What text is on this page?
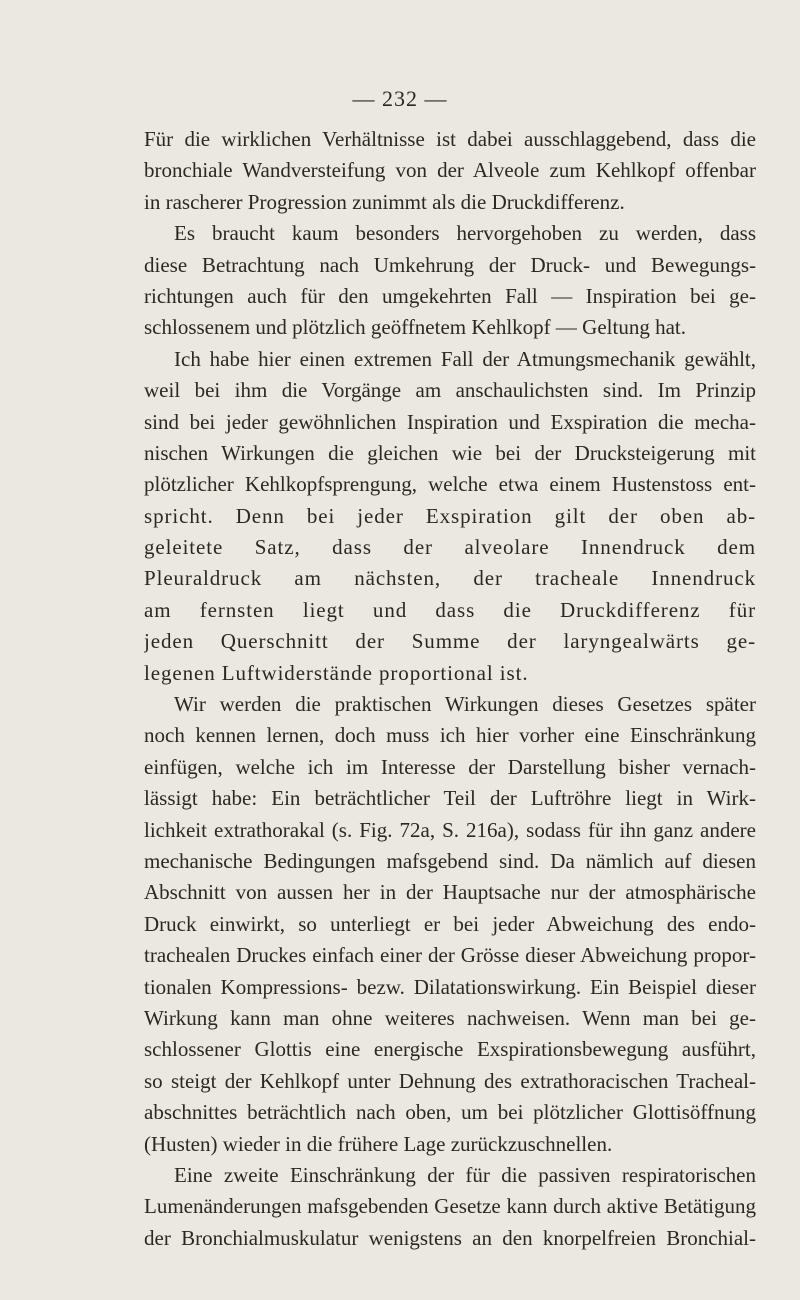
— 232 —
Für die wirklichen Verhältnisse ist dabei ausschlaggebend, dass die
bronchiale Wandversteifung von der Alveole zum Kehlkopf offenbar
in rascherer Progression zunimmt als die Druckdifferenz.
Es braucht kaum besonders hervorgehoben zu werden, dass
diese Betrachtung nach Umkehrung der Druck- und Bewegungs-
richtungen auch für den umgekehrten Fall — Inspiration bei ge-
schlossenem und plötzlich geöffnetem Kehlkopf — Geltung hat.
Ich habe hier einen extremen Fall der Atmungsmechanik gewählt,
weil bei ihm die Vorgänge am anschaulichsten sind. Im Prinzip
sind bei jeder gewöhnlichen Inspiration und Exspiration die mecha-
nischen Wirkungen die gleichen wie bei der Drucksteigerung mit
plötzlicher Kehlkopfsprengung, welche etwa einem Hustenstoss ent-
spricht. Denn bei jeder Exspiration gilt der oben ab-
geleitete Satz, dass der alveolare Innendruck dem
Pleuraldruck am nächsten, der tracheale Innendruck
am fernsten liegt und dass die Druckdifferenz für
jeden Querschnitt der Summe der laryngealwärts ge-
legenen Luftwiderstände proportional ist.
Wir werden die praktischen Wirkungen dieses Gesetzes später
noch kennen lernen, doch muss ich hier vorher eine Einschränkung
einfügen, welche ich im Interesse der Darstellung bisher vernach-
lässigt habe: Ein beträchtlicher Teil der Luftröhre liegt in Wirk-
lichkeit extrathorakal (s. Fig. 72a, S. 216a), sodass für ihn ganz andere
mechanische Bedingungen mafsgebend sind. Da nämlich auf diesen
Abschnitt von aussen her in der Hauptsache nur der atmosphärische
Druck einwirkt, so unterliegt er bei jeder Abweichung des endo-
trachealen Druckes einfach einer der Grösse dieser Abweichung propor-
tionalen Kompressions- bezw. Dilatationswirkung. Ein Beispiel dieser
Wirkung kann man ohne weiteres nachweisen. Wenn man bei ge-
schlossener Glottis eine energische Exspirationsbewegung ausführt,
so steigt der Kehlkopf unter Dehnung des extrathoracischen Tracheal-
abschnittes beträchtlich nach oben, um bei plötzlicher Glottisöffnung
(Husten) wieder in die frühere Lage zurückzuschnellen.
Eine zweite Einschränkung der für die passiven respiratorischen
Lumenänderungen mafsgebenden Gesetze kann durch aktive Betätigung
der Bronchialmuskulatur wenigstens an den knorpelfreien Bronchial-
